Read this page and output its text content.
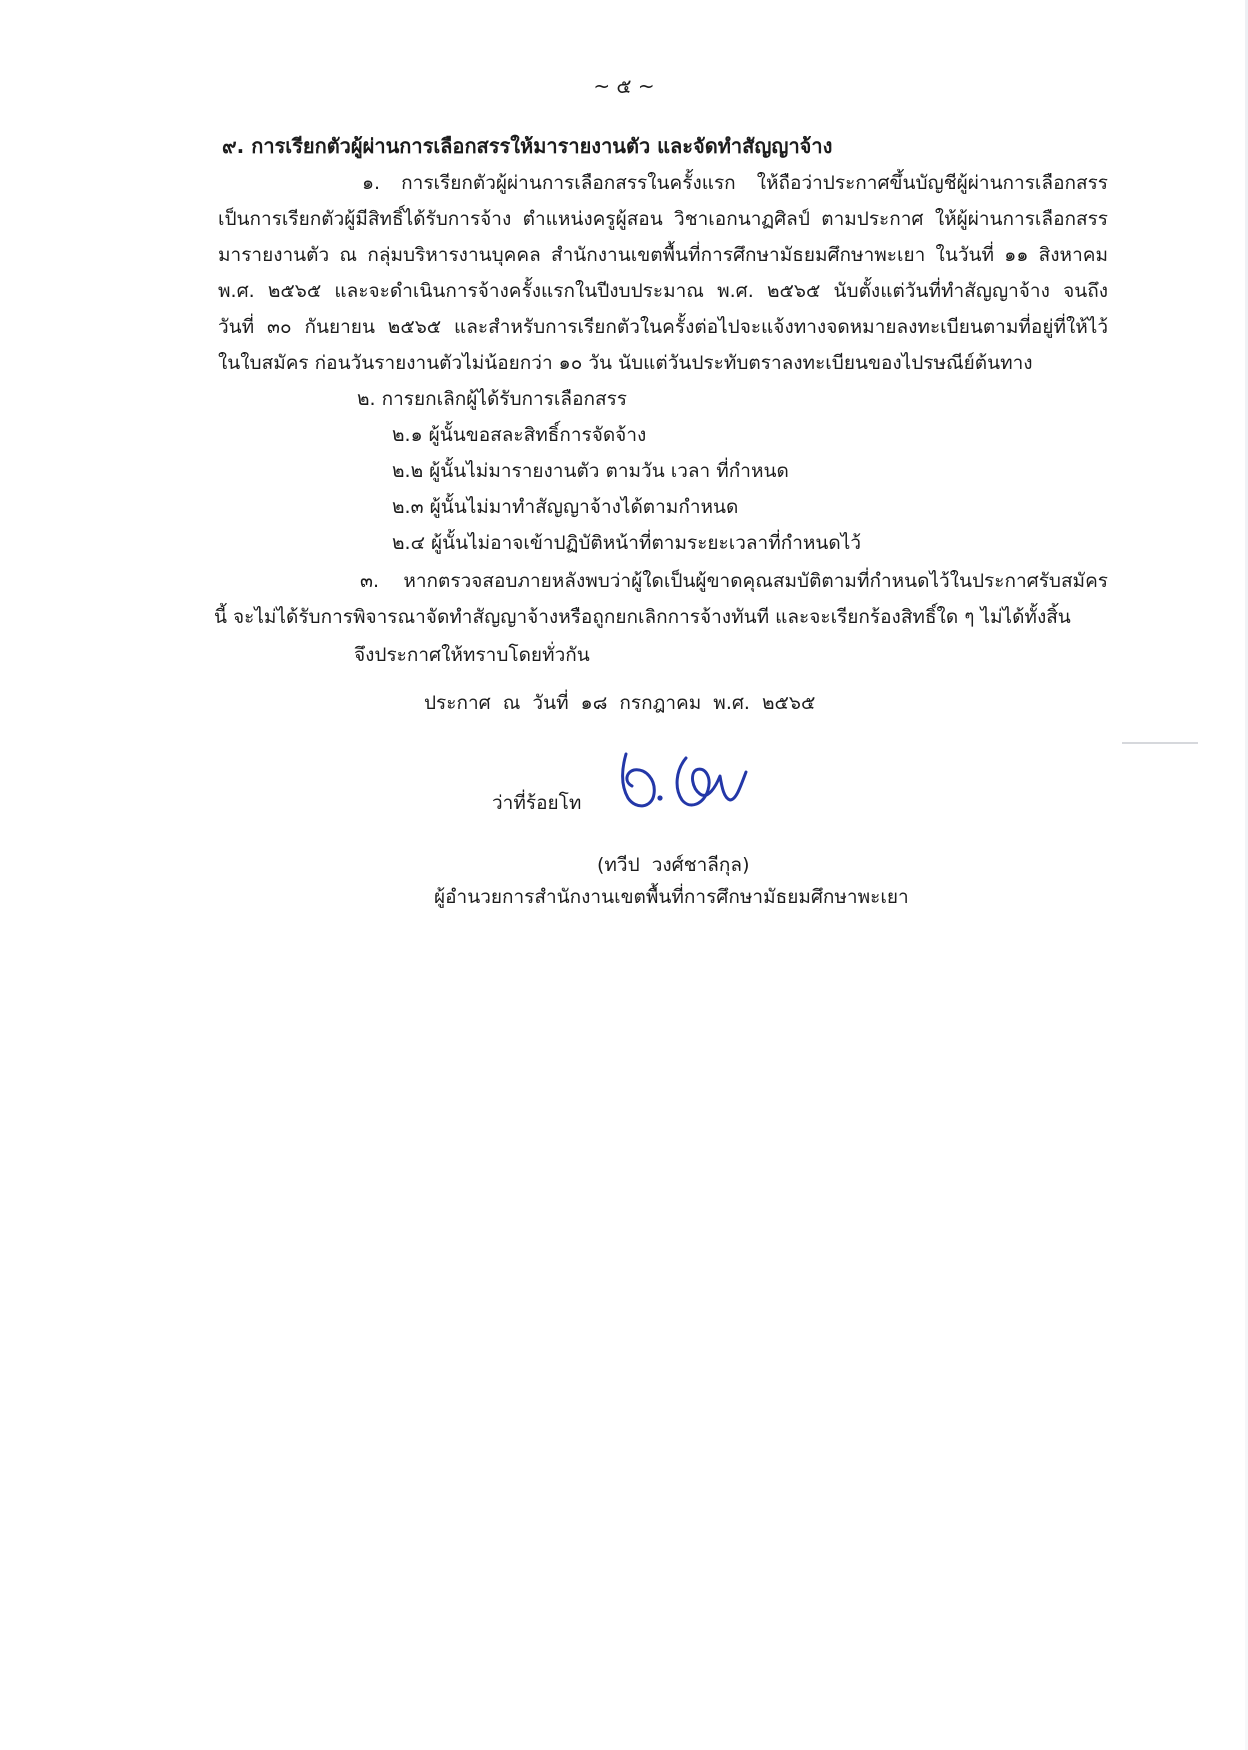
~ ๕ ~
๙. การเรียกตัวผู้ผ่านการเลือกสรรให้มารายงานตัว และจัดทำสัญญาจ้าง
๑. การเรียกตัวผู้ผ่านการเลือกสรรในครั้งแรก ให้ถือว่าประกาศขึ้นบัญชีผู้ผ่านการเลือกสรร
เป็นการเรียกตัวผู้มีสิทธิ์ได้รับการจ้าง ตำแหน่งครูผู้สอน วิชาเอกนาฏศิลป์ ตามประกาศ ให้ผู้ผ่านการเลือกสรร
มารายงานตัว ณ กลุ่มบริหารงานบุคคล สำนักงานเขตพื้นที่การศึกษามัธยมศึกษาพะเยา ในวันที่ ๑๑ สิงหาคม
พ.ศ. ๒๕๖๕ และจะดำเนินการจ้างครั้งแรกในปีงบประมาณ พ.ศ. ๒๕๖๕ นับตั้งแต่วันที่ทำสัญญาจ้าง จนถึง
วันที่ ๓๐ กันยายน ๒๕๖๕ และสำหรับการเรียกตัวในครั้งต่อไปจะแจ้งทางจดหมายลงทะเบียนตามที่อยู่ที่ให้ไว้
ในใบสมัคร ก่อนวันรายงานตัวไม่น้อยกว่า ๑๐ วัน นับแต่วันประทับตราลงทะเบียนของไปรษณีย์ต้นทาง
๒. การยกเลิกผู้ได้รับการเลือกสรร
๒.๑ ผู้นั้นขอสละสิทธิ์การจัดจ้าง
๒.๒ ผู้นั้นไม่มารายงานตัว ตามวัน เวลา ที่กำหนด
๒.๓ ผู้นั้นไม่มาทำสัญญาจ้างได้ตามกำหนด
๒.๔ ผู้นั้นไม่อาจเข้าปฏิบัติหน้าที่ตามระยะเวลาที่กำหนดไว้
๓. หากตรวจสอบภายหลังพบว่าผู้ใดเป็นผู้ขาดคุณสมบัติตามที่กำหนดไว้ในประกาศรับสมัคร
นี้ จะไม่ได้รับการพิจารณาจัดทำสัญญาจ้างหรือถูกยกเลิกการจ้างทันที และจะเรียกร้องสิทธิ์ใด ๆ ไม่ได้ทั้งสิ้น
จึงประกาศให้ทราบโดยทั่วกัน
ประกาศ ณ วันที่ ๑๘ กรกฎาคม พ.ศ. ๒๕๖๕
ว่าที่ร้อยโท
(ทวีป วงศ์ชาลีกุล)
ผู้อำนวยการสำนักงานเขตพื้นที่การศึกษามัธยมศึกษาพะเยา
